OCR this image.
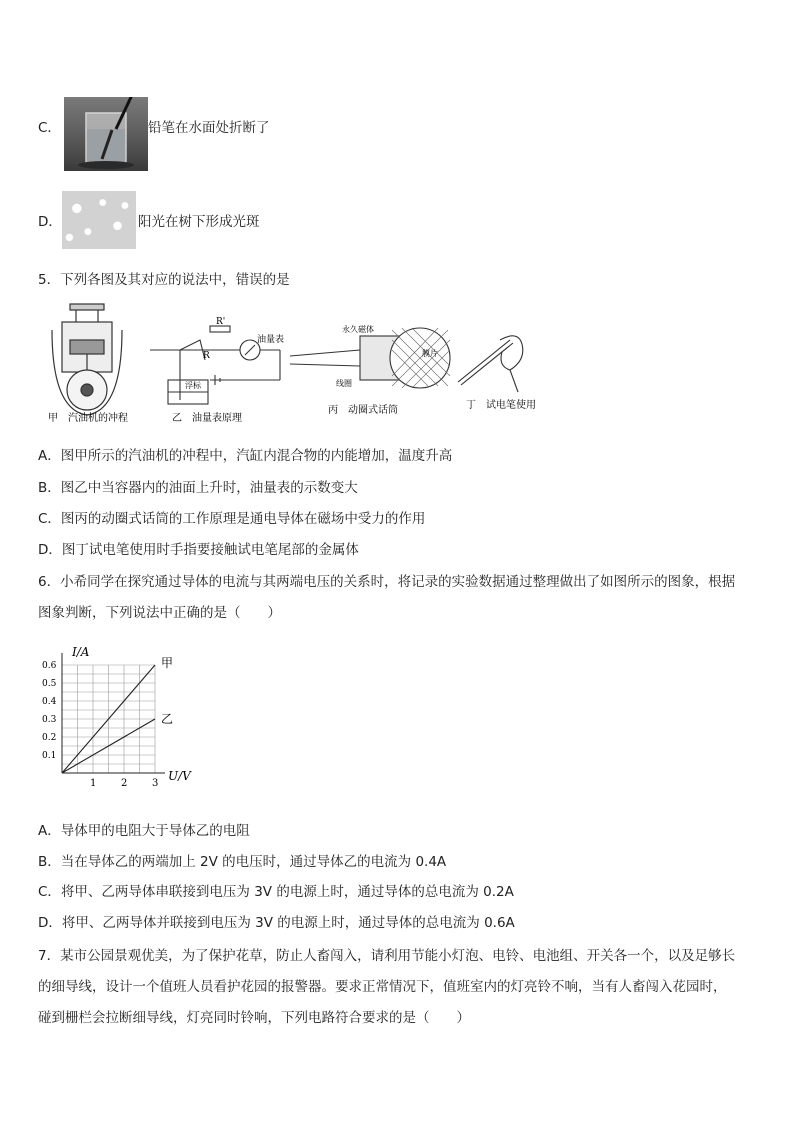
C．	铅笔在水面处折断了
D．	阳光在树下形成光斑
5．下列各图及其对应的说法中，错误的是
甲　汽油机的冲程
油量表
R'
R
浮标
乙　油量表原理
永久磁体
膜片
线圈
丙　动圈式话筒	丁　试电笔使用
A．图甲所示的汽油机的冲程中，汽缸内混合物的内能增加，温度升高
B．图乙中当容器内的油面上升时，油量表的示数变大
C．图丙的动圈式话筒的工作原理是通电导体在磁场中受力的作用
D．图丁试电笔使用时手指要接触试电笔尾部的金属体
6．小希同学在探究通过导体的电流与其两端电压的关系时，将记录的实验数据通过整理做出了如图所示的图象，根据
图象判断，下列说法中正确的是（　　）
1 2 3
0.1
0.2
0.3
0.4
0.5
0.6	甲
乙
I/A
U/V
A．导体甲的电阻大于导体乙的电阻
B．当在导体乙的两端加上 2V 的电压时，通过导体乙的电流为 0.4A
C．将甲、乙两导体串联接到电压为 3V 的电源上时，通过导体的总电流为 0.2A
D．将甲、乙两导体并联接到电压为 3V 的电源上时，通过导体的总电流为 0.6A
7．某市公园景观优美，为了保护花草，防止人畜闯入，请利用节能小灯泡、电铃、电池组、开关各一个，以及足够长
的细导线，设计一个值班人员看护花园的报警器。要求正常情况下，值班室内的灯亮铃不响，当有人畜闯入花园时，
碰到栅栏会拉断细导线，灯亮同时铃响，下列电路符合要求的是（　　）
